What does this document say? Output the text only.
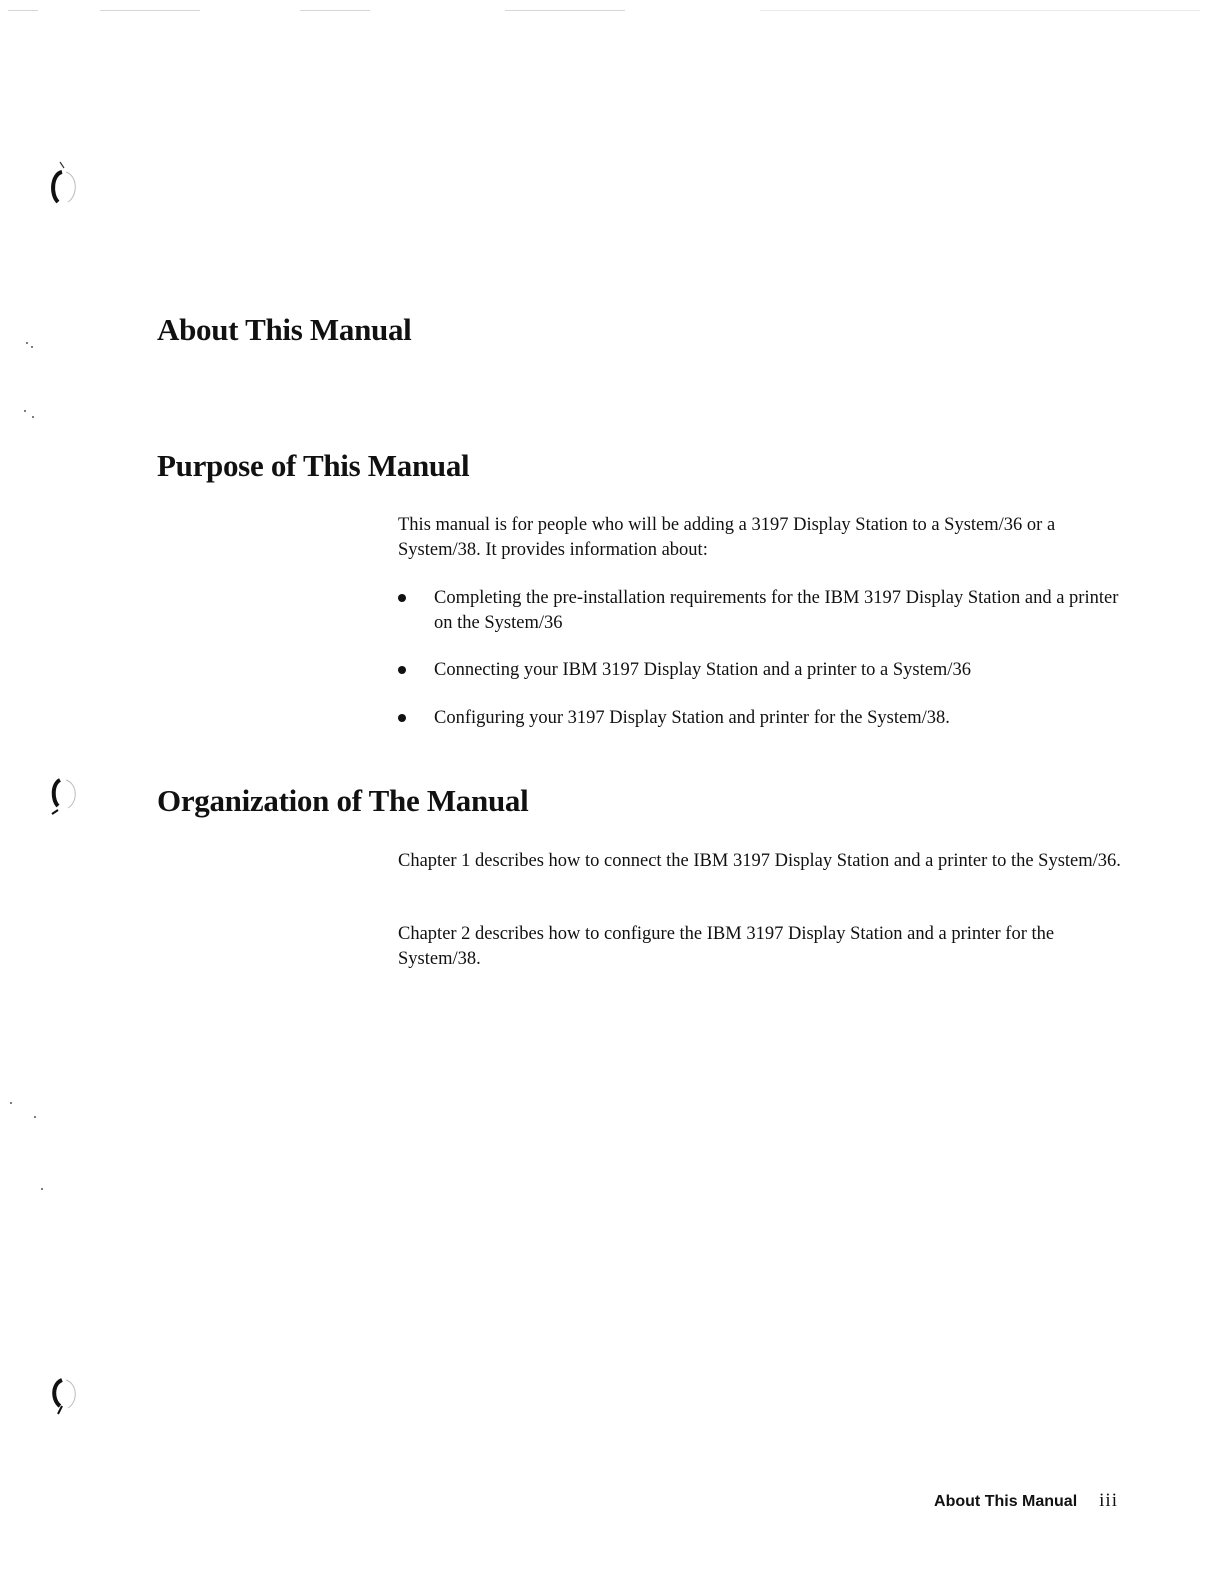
About This Manual
Purpose of This Manual

This manual is for people who will be adding a 3197 Display Station to a System/36 or a System/38. It provides information about:

Completing the pre-installation requirements for the IBM 3197 Display Station and a printer on the System/36
Connecting your IBM 3197 Display Station and a printer to a System/36
Configuring your 3197 Display Station and printer for the System/38.
Organization of The Manual

Chapter 1 describes how to connect the IBM 3197 Display Station and a printer to the System/36.

Chapter 2 describes how to configure the IBM 3197 Display Station and a printer for the System/38.

About This Manual iii
